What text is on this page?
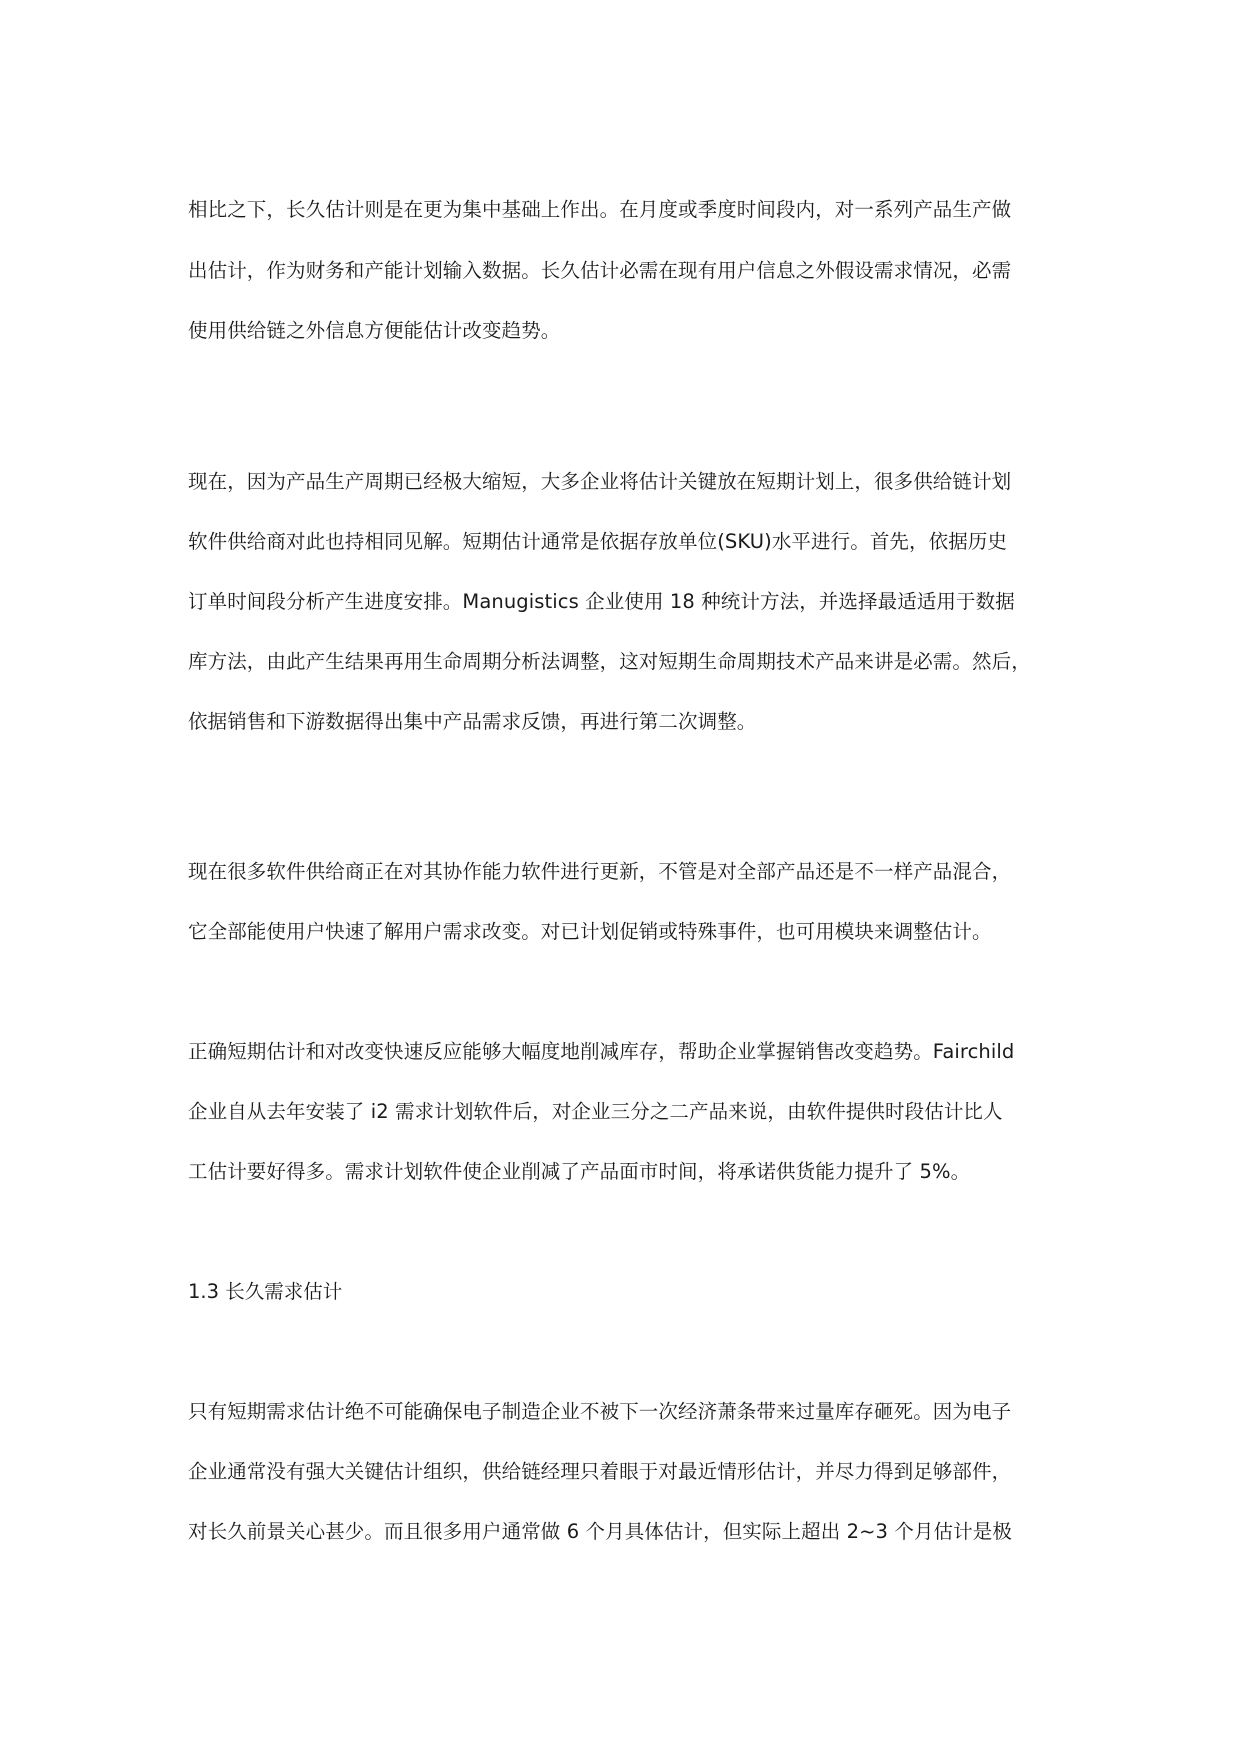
相比之下，长久估计则是在更为集中基础上作出。在月度或季度时间段内，对一系列产品生产做
出估计，作为财务和产能计划输入数据。长久估计必需在现有用户信息之外假设需求情况，必需
使用供给链之外信息方便能估计改变趋势。
现在，因为产品生产周期已经极大缩短，大多企业将估计关键放在短期计划上，很多供给链计划
软件供给商对此也持相同见解。短期估计通常是依据存放单位(SKU)水平进行。首先，依据历史
订单时间段分析产生进度安排。Manugistics 企业使用 18 种统计方法，并选择最适适用于数据
库方法，由此产生结果再用生命周期分析法调整，这对短期生命周期技术产品来讲是必需。然后，
依据销售和下游数据得出集中产品需求反馈，再进行第二次调整。
现在很多软件供给商正在对其协作能力软件进行更新，不管是对全部产品还是不一样产品混合，
它全部能使用户快速了解用户需求改变。对已计划促销或特殊事件，也可用模块来调整估计。
正确短期估计和对改变快速反应能够大幅度地削减库存，帮助企业掌握销售改变趋势。Fairchild
企业自从去年安装了 i2 需求计划软件后，对企业三分之二产品来说，由软件提供时段估计比人
工估计要好得多。需求计划软件使企业削减了产品面市时间，将承诺供货能力提升了 5%。
1.3 长久需求估计
只有短期需求估计绝不可能确保电子制造企业不被下一次经济萧条带来过量库存砸死。因为电子
企业通常没有强大关键估计组织，供给链经理只着眼于对最近情形估计，并尽力得到足够部件，
对长久前景关心甚少。而且很多用户通常做 6 个月具体估计，但实际上超出 2~3 个月估计是极
